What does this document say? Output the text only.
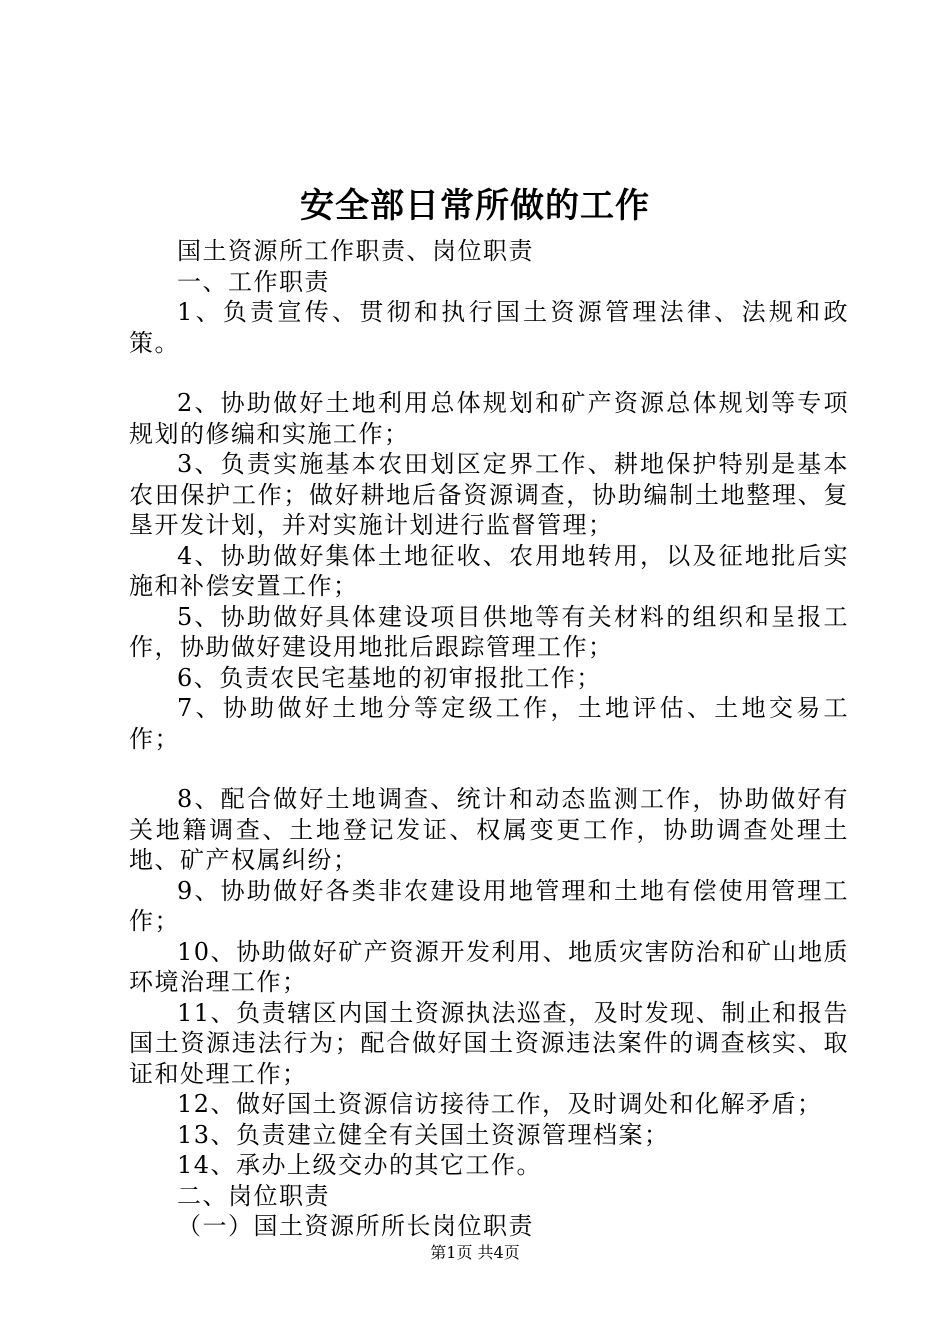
安全部日常所做的工作

国土资源所工作职责、岗位职责

一、工作职责

1、负责宣传、贯彻和执行国土资源管理法律、法规和政策。

2、协助做好土地利用总体规划和矿产资源总体规划等专项规划的修编和实施工作；

3、负责实施基本农田划区定界工作、耕地保护特别是基本农田保护工作；做好耕地后备资源调查，协助编制土地整理、复垦开发计划，并对实施计划进行监督管理；

4、协助做好集体土地征收、农用地转用，以及征地批后实施和补偿安置工作；

5、协助做好具体建设项目供地等有关材料的组织和呈报工作，协助做好建设用地批后跟踪管理工作；

6、负责农民宅基地的初审报批工作；

7、协助做好土地分等定级工作，土地评估、土地交易工作；

8、配合做好土地调查、统计和动态监测工作，协助做好有关地籍调查、土地登记发证、权属变更工作，协助调查处理土地、矿产权属纠纷；

9、协助做好各类非农建设用地管理和土地有偿使用管理工作；

10、协助做好矿产资源开发利用、地质灾害防治和矿山地质环境治理工作；

11、负责辖区内国土资源执法巡查，及时发现、制止和报告国土资源违法行为；配合做好国土资源违法案件的调查核实、取证和处理工作；

12、做好国土资源信访接待工作，及时调处和化解矛盾；

13、负责建立健全有关国土资源管理档案；

14、承办上级交办的其它工作。

二、岗位职责

（一）国土资源所所长岗位职责

第1页 共4页
